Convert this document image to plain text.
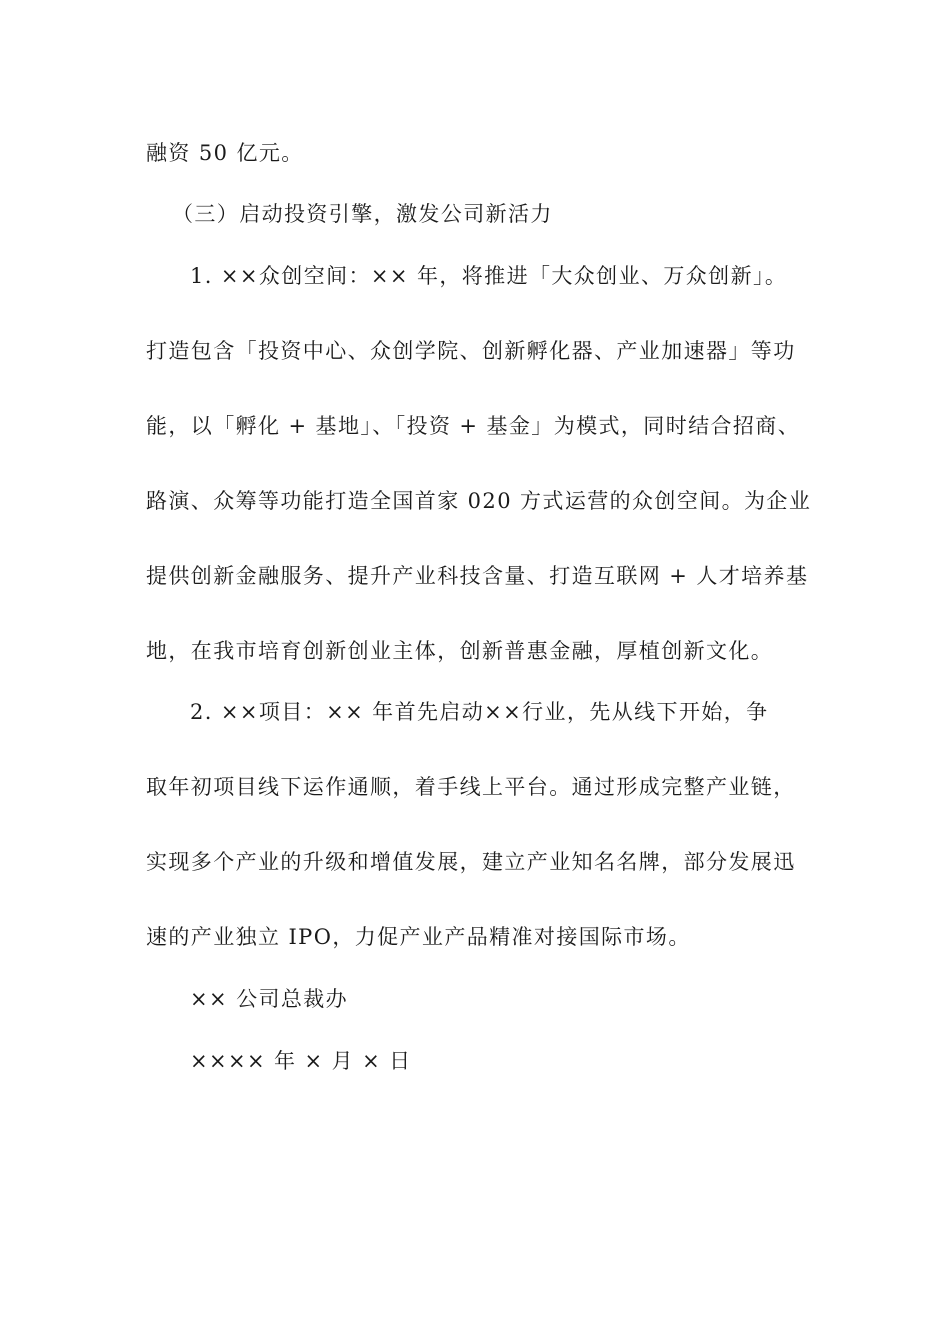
融资 50 亿元。
（三）启动投资引擎，激发公司新活力
1. ××众创空间：×× 年，将推进「大众创业、万众创新」。
打造包含「投资中心、众创学院、创新孵化器、产业加速器」等功
能，以「孵化 + 基地」、「投资 + 基金」为模式，同时结合招商、
路演、众筹等功能打造全国首家 020 方式运营的众创空间。为企业
提供创新金融服务、提升产业科技含量、打造互联网 + 人才培养基
地，在我市培育创新创业主体，创新普惠金融，厚植创新文化。
2. ××项目：×× 年首先启动××行业，先从线下开始，争
取年初项目线下运作通顺，着手线上平台。通过形成完整产业链，
实现多个产业的升级和增值发展，建立产业知名名牌，部分发展迅
速的产业独立 IPO，力促产业产品精准对接国际市场。
×× 公司总裁办
×××× 年 × 月 × 日
